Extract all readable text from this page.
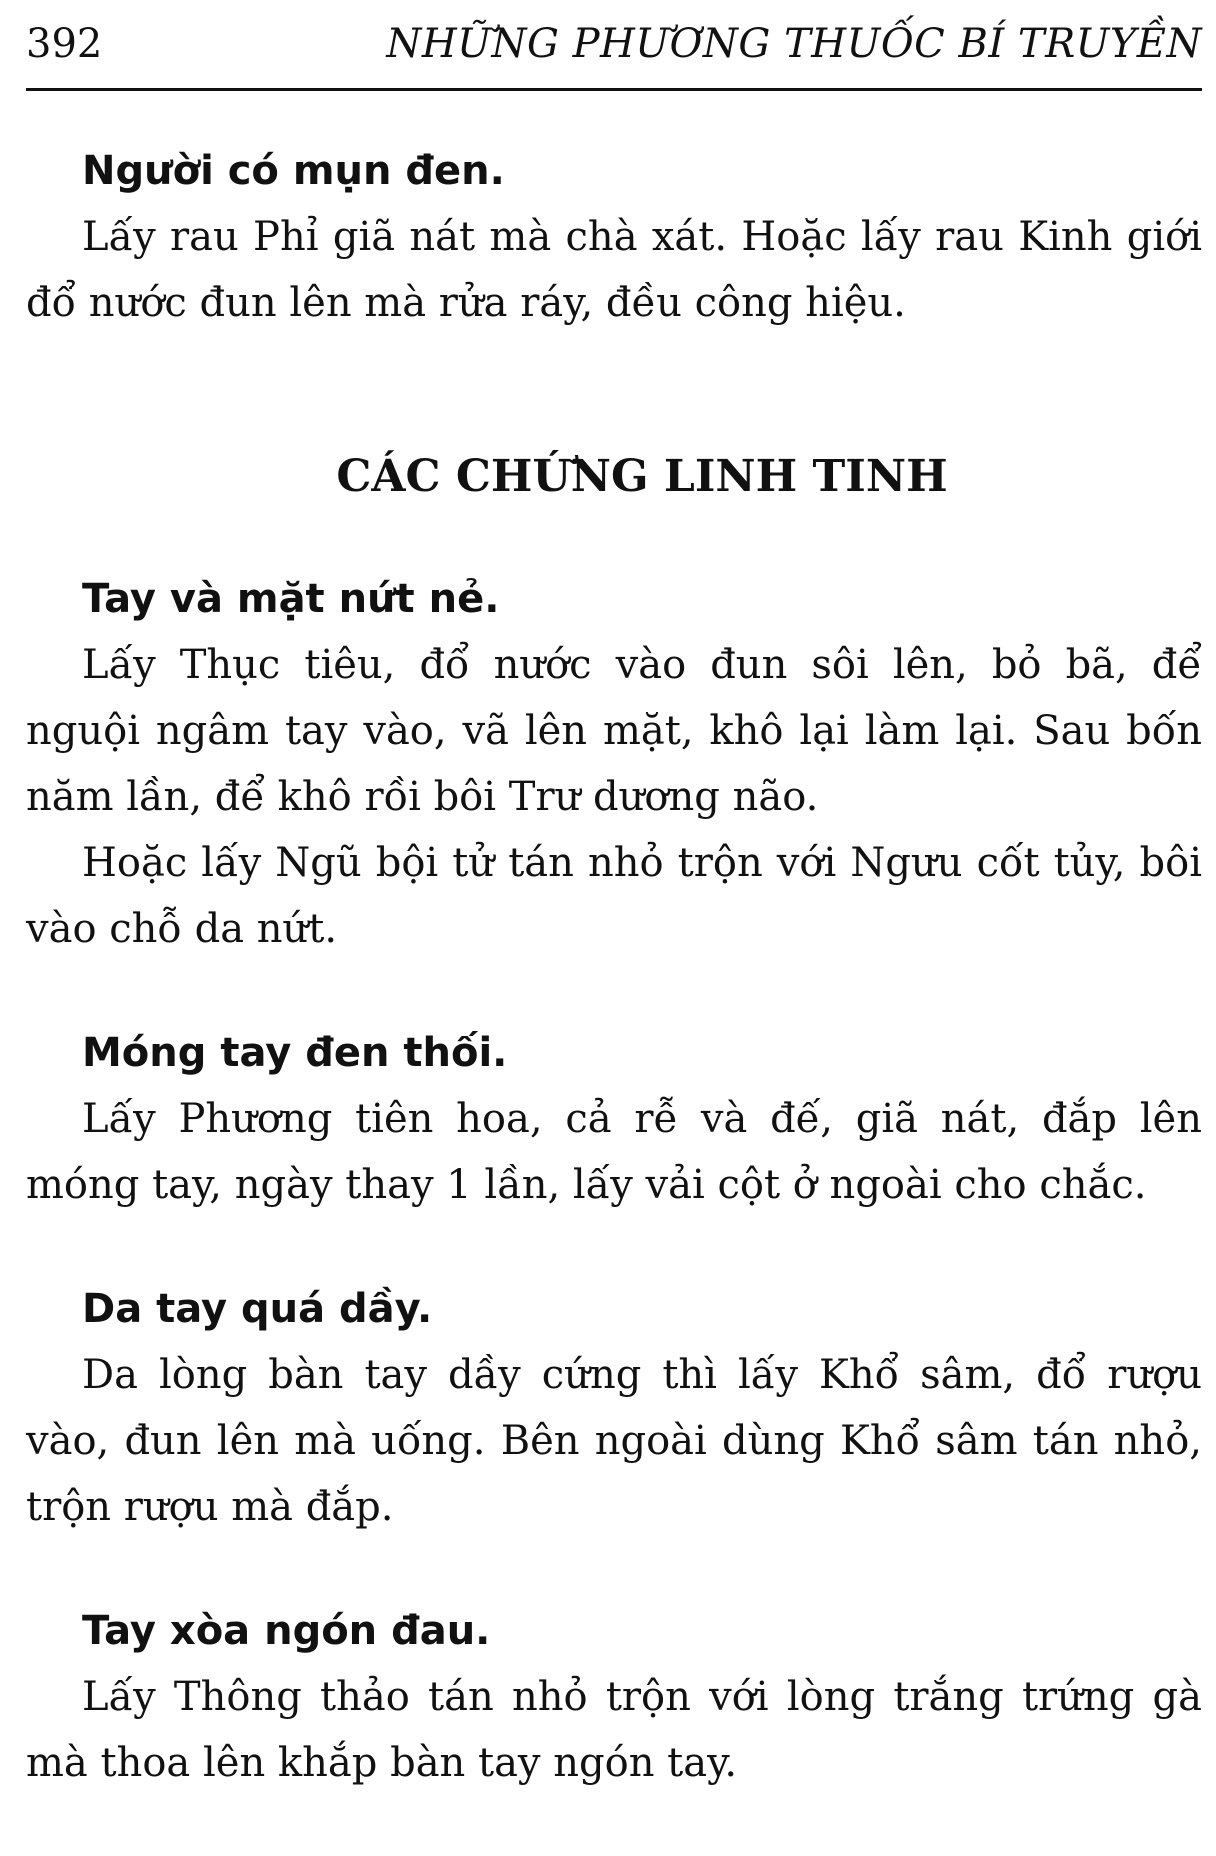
392	NHỮNG PHƯƠNG THUỐC BÍ TRUYỀN

Người có mụn đen.

Lấy rau Phỉ giã nát mà chà xát. Hoặc lấy rau Kinh giới đổ nước đun lên mà rửa ráy, đều công hiệu.

CÁC CHỨNG LINH TINH

Tay và mặt nứt nẻ.

Lấy Thục tiêu, đổ nước vào đun sôi lên, bỏ bã, để nguội ngâm tay vào, vã lên mặt, khô lại làm lại. Sau bốn năm lần, để khô rồi bôi Trư dương não.

Hoặc lấy Ngũ bội tử tán nhỏ trộn với Ngưu cốt tủy, bôi vào chỗ da nứt.

Móng tay đen thối.

Lấy Phương tiên hoa, cả rễ và đế, giã nát, đắp lên móng tay, ngày thay 1 lần, lấy vải cột ở ngoài cho chắc.

Da tay quá dầy.

Da lòng bàn tay dầy cứng thì lấy Khổ sâm, đổ rượu vào, đun lên mà uống. Bên ngoài dùng Khổ sâm tán nhỏ, trộn rượu mà đắp.

Tay xòa ngón đau.

Lấy Thông thảo tán nhỏ trộn với lòng trắng trứng gà mà thoa lên khắp bàn tay ngón tay.
